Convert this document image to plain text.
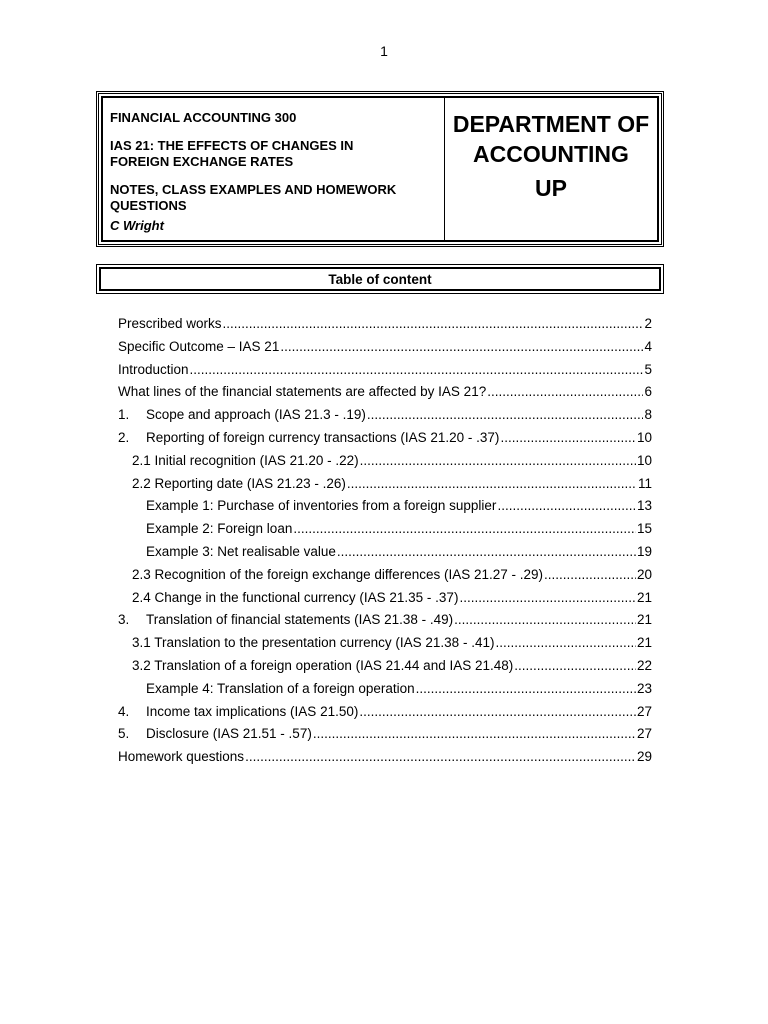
1
FINANCIAL ACCOUNTING 300
IAS 21: THE EFFECTS OF CHANGES IN
FOREIGN EXCHANGE RATES
NOTES, CLASS EXAMPLES AND HOMEWORK
QUESTIONS
C Wright
DEPARTMENT OF
ACCOUNTING
UP
Table of content
Prescribed works .....	2
Specific Outcome – IAS 21 .....	4
Introduction .....	5
What lines of the financial statements are affected by IAS 21? .....	6
1.	Scope and approach (IAS 21.3 - .19) .....	8
2.	Reporting of foreign currency transactions (IAS 21.20 - .37) .....	10
2.1 Initial recognition (IAS 21.20 - .22) .....	10
2.2 Reporting date (IAS 21.23 - .26) .....	11
Example 1: Purchase of inventories from a foreign supplier .....	13
Example 2: Foreign loan .....	15
Example 3: Net realisable value .....	19
2.3 Recognition of the foreign exchange differences (IAS 21.27 - .29) .....	20
2.4 Change in the functional currency (IAS 21.35 - .37) .....	21
3.	Translation of financial statements (IAS 21.38 - .49) .....	21
3.1 Translation to the presentation currency (IAS 21.38 - .41) .....	21
3.2 Translation of a foreign operation (IAS 21.44 and IAS 21.48) .....	22
Example 4: Translation of a foreign operation .....	23
4.	Income tax implications (IAS 21.50) .....	27
5.	Disclosure (IAS 21.51 - .57) .....	27
Homework questions .....	29
